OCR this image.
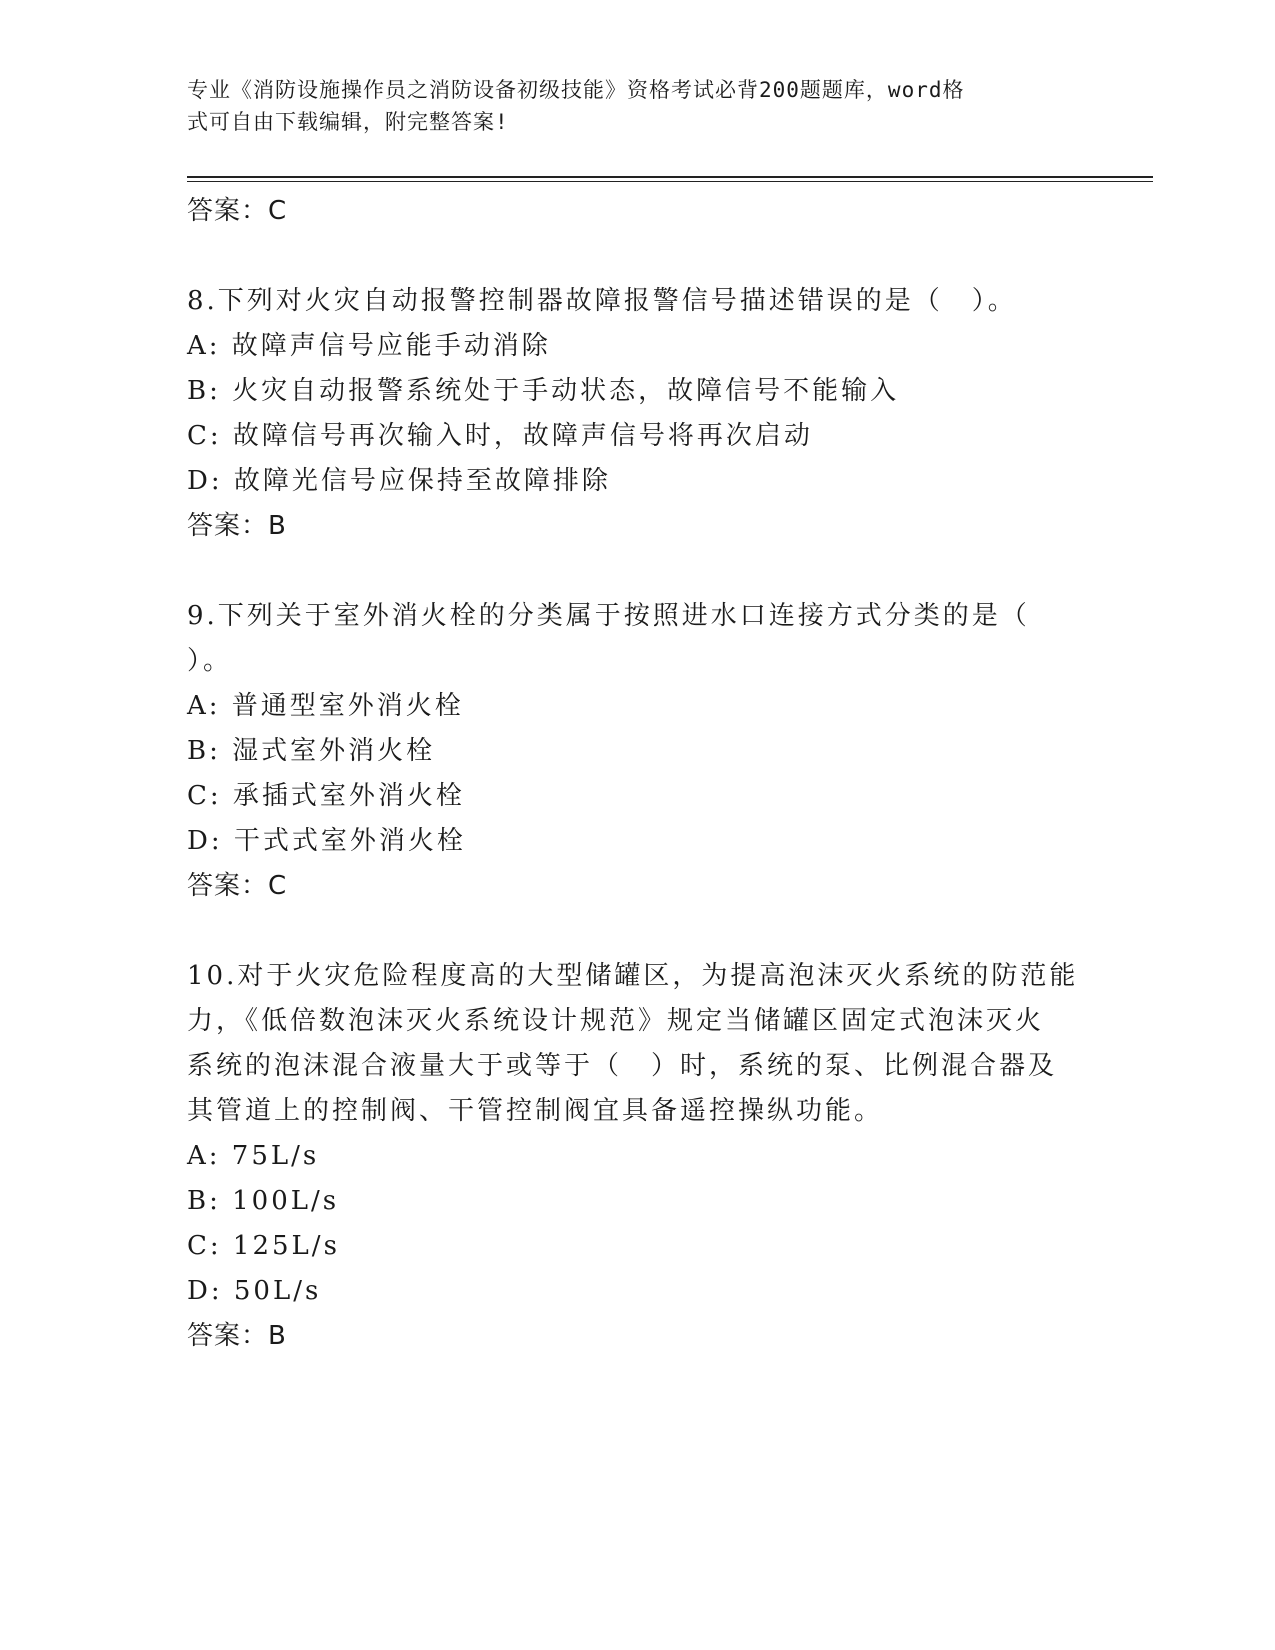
专业《消防设施操作员之消防设备初级技能》资格考试必背200题题库，word格
式可自由下载编辑，附完整答案!
答案：C
8.下列对火灾自动报警控制器故障报警信号描述错误的是（　）。
A: 故障声信号应能手动消除
B: 火灾自动报警系统处于手动状态，故障信号不能输入
C: 故障信号再次输入时，故障声信号将再次启动
D: 故障光信号应保持至故障排除
答案：B
9.下列关于室外消火栓的分类属于按照进水口连接方式分类的是（
）。
A: 普通型室外消火栓
B: 湿式室外消火栓
C: 承插式室外消火栓
D: 干式式室外消火栓
答案：C
10.对于火灾危险程度高的大型储罐区，为提高泡沫灭火系统的防范能
力，《低倍数泡沫灭火系统设计规范》规定当储罐区固定式泡沫灭火
系统的泡沫混合液量大于或等于（　）时，系统的泵、比例混合器及
其管道上的控制阀、干管控制阀宜具备遥控操纵功能。
A: 75L/s
B: 100L/s
C: 125L/s
D: 50L/s
答案：B
